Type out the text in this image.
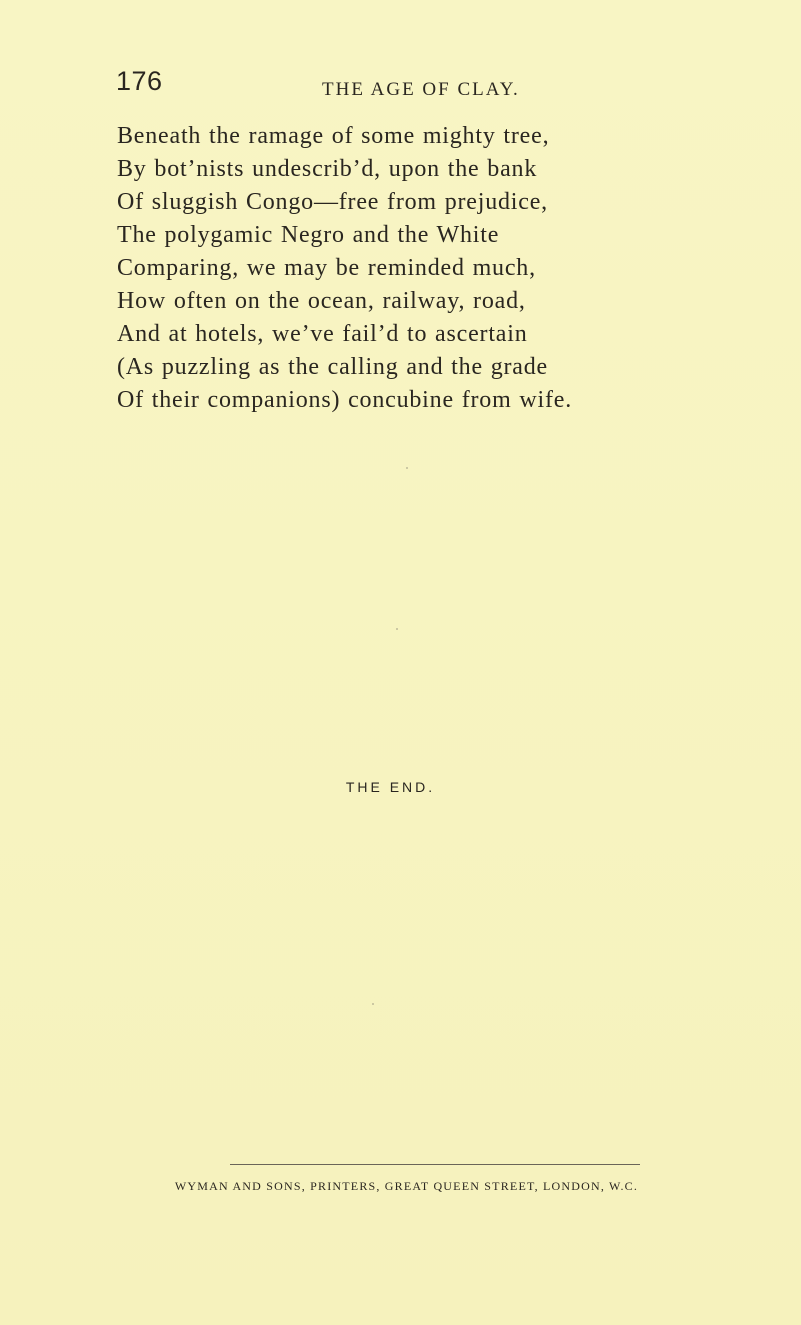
176	THE AGE OF CLAY.
Beneath the ramage of some mighty tree,
By bot’nists undescrib’d, upon the bank
Of sluggish Congo—free from prejudice,
The polygamic Negro and the White
Comparing, we may be reminded much,
How often on the ocean, railway, road,
And at hotels, we’ve fail’d to ascertain
(As puzzling as the calling and the grade
Of their companions) concubine from wife.
THE END.
WYMAN AND SONS, PRINTERS, GREAT QUEEN STREET, LONDON, W.C.
